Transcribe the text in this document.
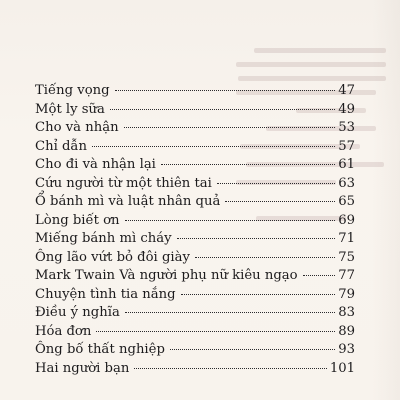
Tiếng vọng	47
Một ly sữa	49
Cho và nhận	53
Chỉ dẫn	57
Cho đi và nhận lại	61
Cứu người từ một thiên tai	63
Ổ bánh mì và luật nhân quả	65
Lòng biết ơn	69
Miếng bánh mì cháy	71
Ông lão vứt bỏ đôi giày	75
Mark Twain Và người phụ nữ kiêu ngạo	77
Chuyện tình tia nắng	79
Điều ý nghĩa	83
Hóa đơn	89
Ông bố thất nghiệp	93
Hai người bạn	101
